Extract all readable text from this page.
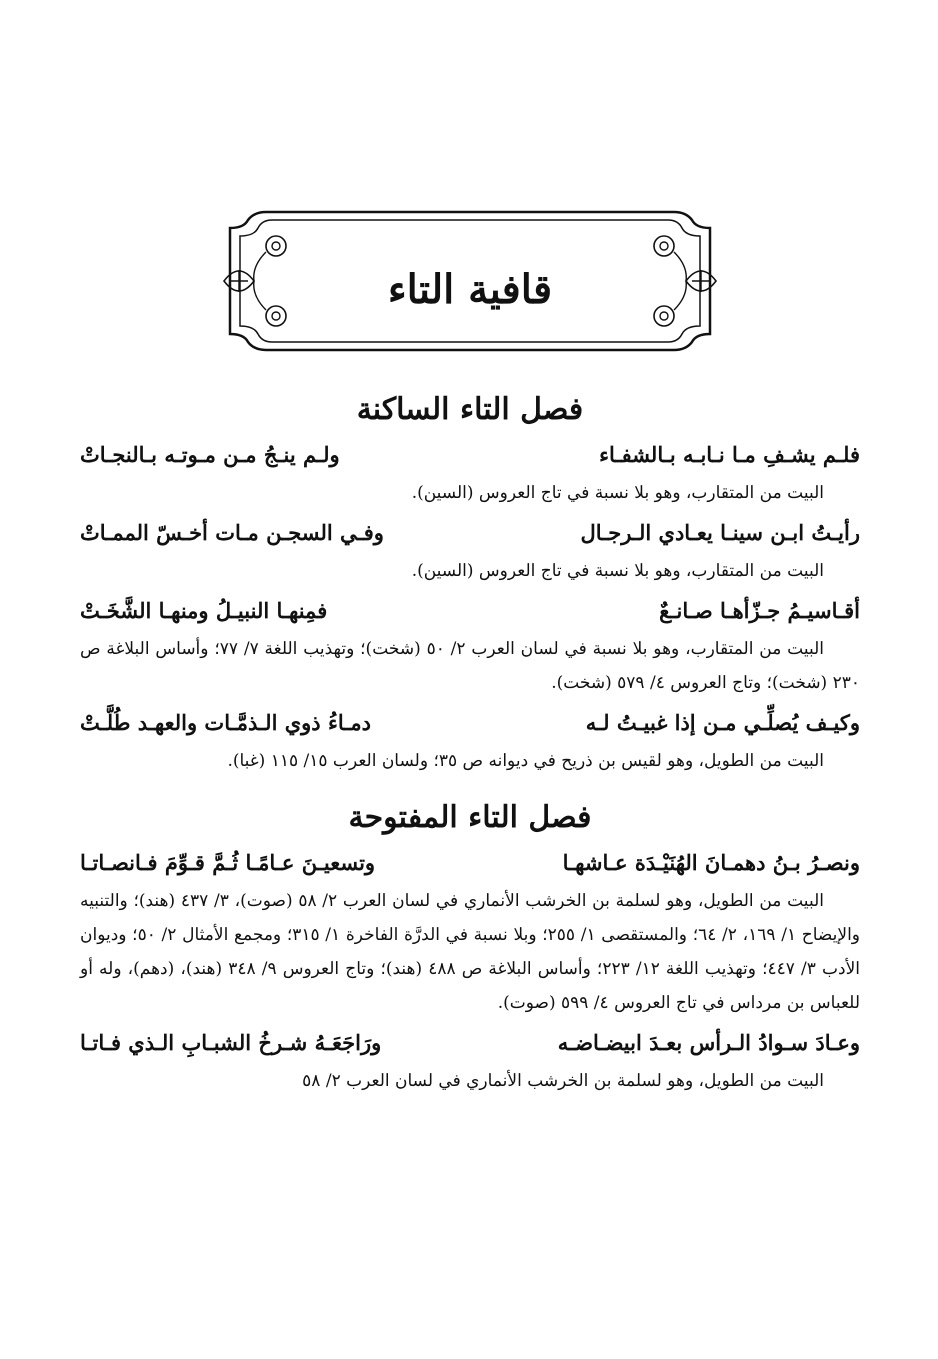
قافية التاء
فصل التاء الساكنة
فلـم يشـفِ مـا نـابـه بـالشفـاء
ولـم ينـجُ مـن مـوتـه بـالنجـاتْ

البيت من المتقارب، وهو بلا نسبة في تاج العروس (السين).

رأيـتُ ابـن سينـا يعـادي الـرجـال
وفـي السجـن مـات أخـسّ الممـاتْ

البيت من المتقارب، وهو بلا نسبة في تاج العروس (السين).

أقـاسيـمُ جـزّأهـا صـانـعٌ
فمِنهـا النبيـلُ ومنهـا الشَّخَـتْ

البيت من المتقارب، وهو بلا نسبة في لسان العرب ٢/ ٥٠ (شخت)؛ وتهذيب اللغة ٧/ ٧٧؛ وأساس البلاغة ص ٢٣٠ (شخت)؛ وتاج العروس ٤/ ٥٧٩ (شخت).

وكيـف يُصلِّـي مـن إذا غبيـتُ لـه
دمـاءُ ذوي الـذمَّـات والعهـد طُلَّـتْ

البيت من الطويل، وهو لقيس بن ذريح في ديوانه ص ٣٥؛ ولسان العرب ١٥/ ١١٥ (غبا).

فصل التاء المفتوحة
ونصـرُ بـنُ دهمـانَ الهُنَيْـدَة عـاشهـا
وتسعيـنَ عـامًـا ثُـمَّ قـوِّمَ فـانصـاتـا

البيت من الطويل، وهو لسلمة بن الخرشب الأنماري في لسان العرب ٢/ ٥٨ (صوت)، ٣/ ٤٣٧ (هند)؛ والتنبيه والإيضاح ١/ ١٦٩، ٢/ ٦٤؛ والمستقصى ١/ ٢٥٥؛ وبلا نسبة في الدرَّة الفاخرة ١/ ٣١٥؛ ومجمع الأمثال ٢/ ٥٠؛ وديوان الأدب ٣/ ٤٤٧؛ وتهذيب اللغة ١٢/ ٢٢٣؛ وأساس البلاغة ص ٤٨٨ (هند)؛ وتاج العروس ٩/ ٣٤٨ (هند)، (دهم)، وله أو للعباس بن مرداس في تاج العروس ٤/ ٥٩٩ (صوت).

وعـادَ سـوادُ الـرأس بعـدَ ابيضـاضـه
ورَاجَعَـهُ شـرخُ الشبـابِ الـذي فـاتـا

البيت من الطويل، وهو لسلمة بن الخرشب الأنماري في لسان العرب ٢/ ٥٨
